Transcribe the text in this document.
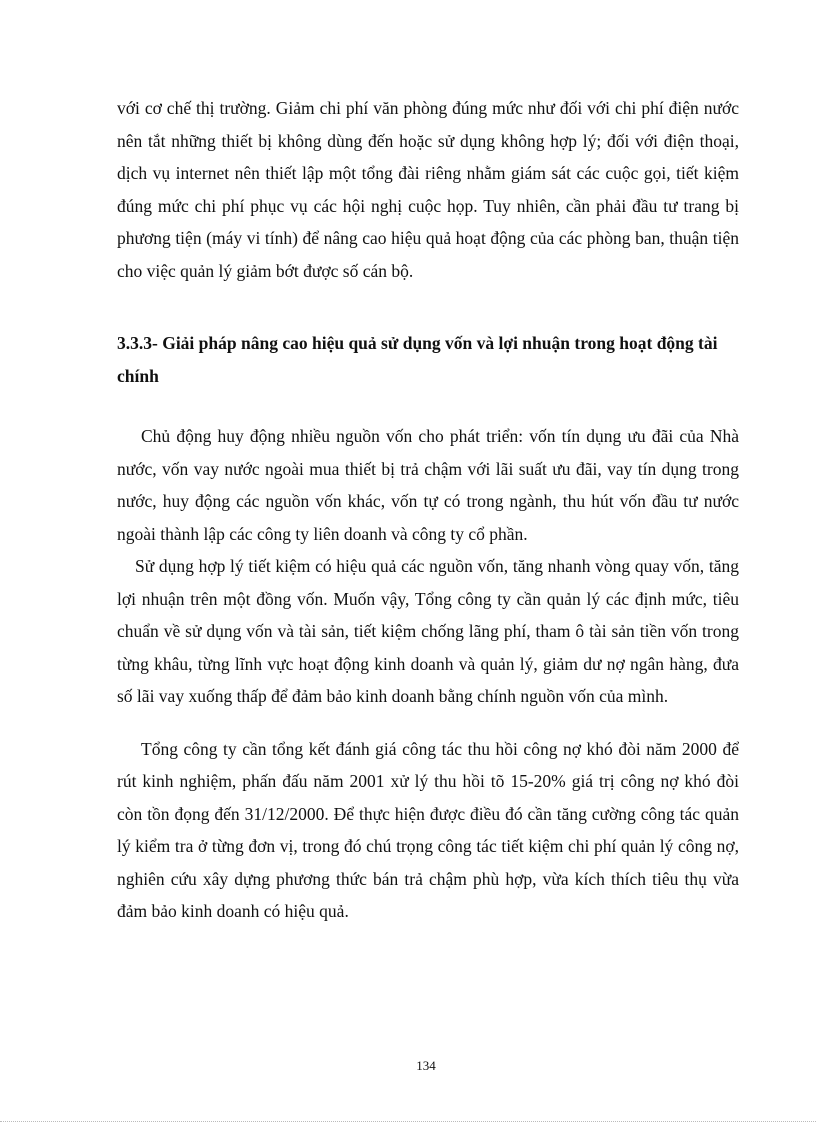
với cơ chế thị trường. Giảm chi phí văn phòng đúng mức như đối với chi phí điện nước nên tắt những thiết bị không dùng đến hoặc sử dụng không hợp lý; đối với điện thoại, dịch vụ internet nên thiết lập một tổng đài riêng nhằm giám sát các cuộc gọi, tiết kiệm đúng mức chi phí phục vụ các hội nghị cuộc họp. Tuy nhiên, cần phải đầu tư trang bị phương tiện (máy vi tính) để nâng cao hiệu quả hoạt động của các phòng ban, thuận tiện cho việc quản lý giảm bớt được số cán bộ.

3.3.3- Giải pháp nâng cao hiệu quả sử dụng vốn và lợi nhuận trong hoạt động tài chính

Chủ động huy động nhiều nguồn vốn cho phát triển: vốn tín dụng ưu đãi của Nhà nước, vốn vay nước ngoài mua thiết bị trả chậm với lãi suất ưu đãi, vay tín dụng trong nước, huy động các nguồn vốn khác, vốn tự có trong ngành, thu hút vốn đầu tư nước ngoài thành lập các công ty liên doanh và công ty cổ phần.

Sử dụng hợp lý tiết kiệm có hiệu quả các nguồn vốn, tăng nhanh vòng quay vốn, tăng lợi nhuận trên một đồng vốn. Muốn vậy, Tổng công ty cần quản lý các định mức, tiêu chuẩn về sử dụng vốn và tài sản, tiết kiệm chống lãng phí, tham ô tài sản tiền vốn trong từng khâu, từng lĩnh vực hoạt động kinh doanh và quản lý, giảm dư nợ ngân hàng, đưa số lãi vay xuống thấp để đảm bảo kinh doanh bằng chính nguồn vốn của mình.

Tổng công ty cần tổng kết đánh giá công tác thu hồi công nợ khó đòi năm 2000 để rút kinh nghiệm, phấn đấu năm 2001 xử lý thu hồi tõ 15-20% giá trị công nợ khó đòi còn tồn đọng đến 31/12/2000. Để thực hiện được điều đó cần tăng cường công tác quản lý kiểm tra ở từng đơn vị, trong đó chú trọng công tác tiết kiệm chi phí quản lý công nợ, nghiên cứu xây dựng phương thức bán trả chậm phù hợp, vừa kích thích tiêu thụ vừa đảm bảo kinh doanh có hiệu quả.

134
